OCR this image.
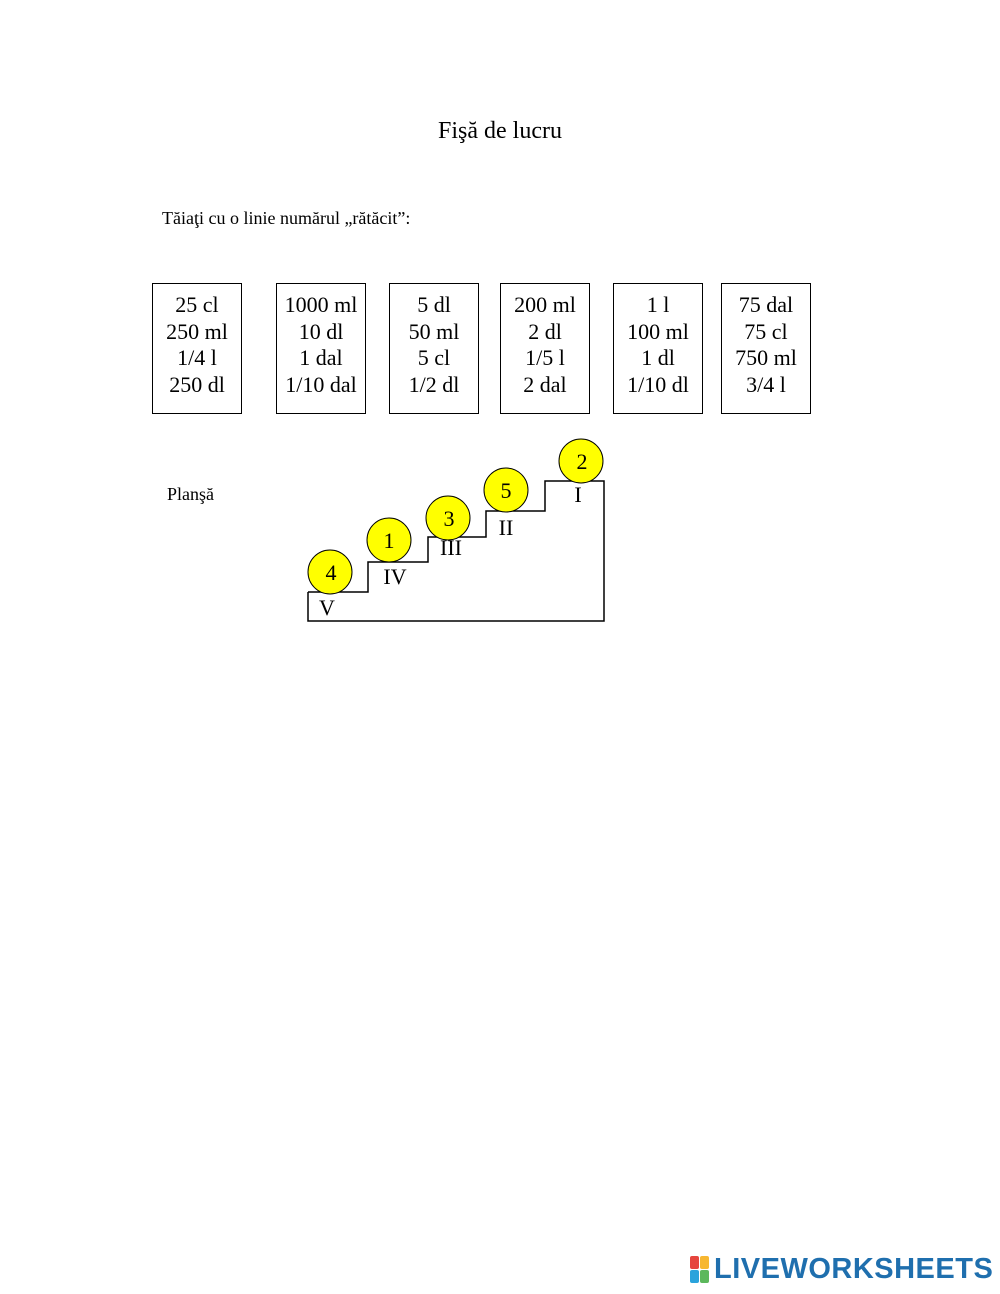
Fişă de lucru
Tăiaţi cu o linie numărul „rătăcit”:
25 cl
250 ml
1/4 l
250 dl
1000 ml
10 dl
1 dal
1/10 dal
5 dl
50 ml
5 cl
1/2 dl
200 ml
2 dl
1/5 l
2 dal
1 l
100 ml
1 dl
1/10 dl
75 dal
75 cl
750 ml
3/4 l
Planşă
4
1
3
5
2
V
IV
III
II
I
LIVEWORKSHEETS
